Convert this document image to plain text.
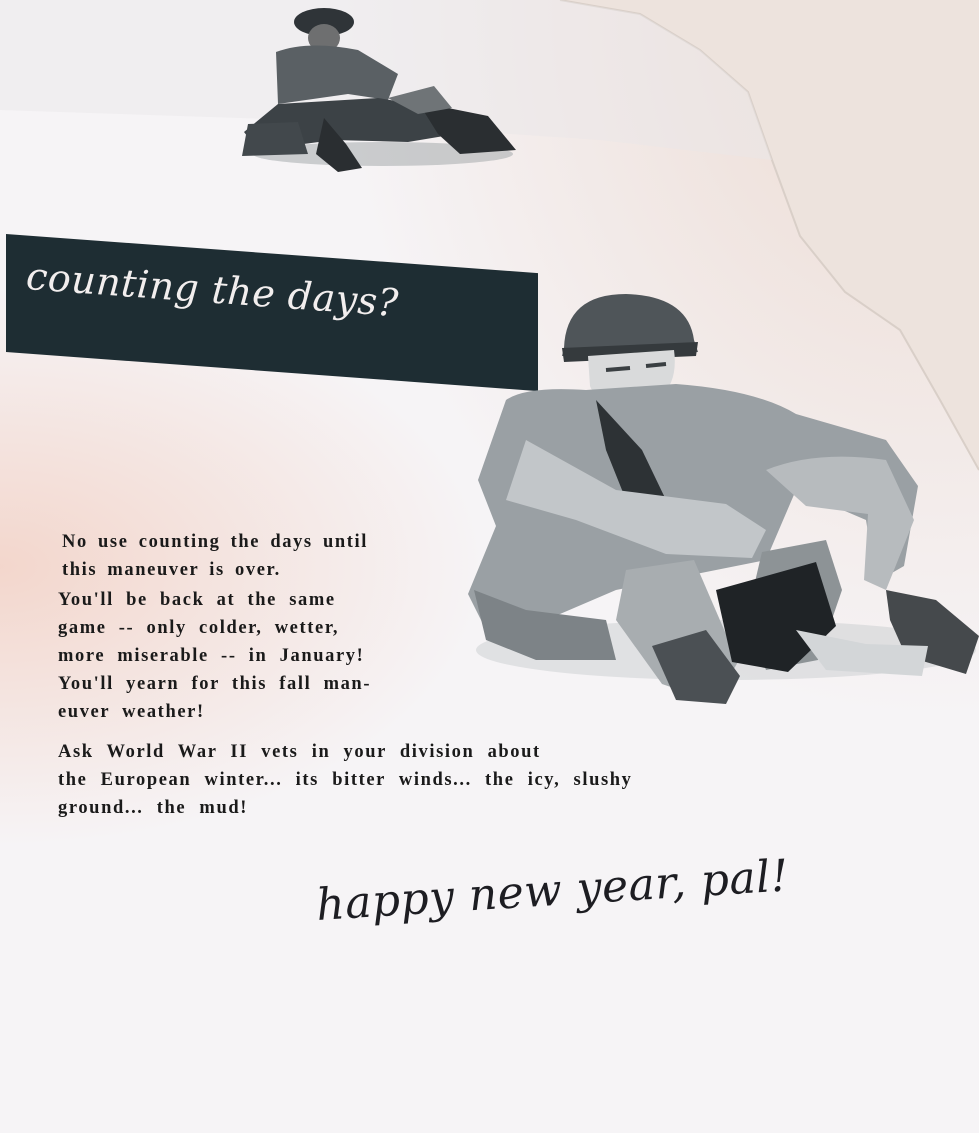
counting the days?
No use counting the days until
this maneuver is over.
You'll be back at the same
game -- only colder, wetter,
more miserable -- in January!
You'll yearn for this fall man-
euver weather!
Ask World War II vets in your division about
the European winter... its bitter winds... the icy, slushy
ground... the mud!
happy new year, pal!
